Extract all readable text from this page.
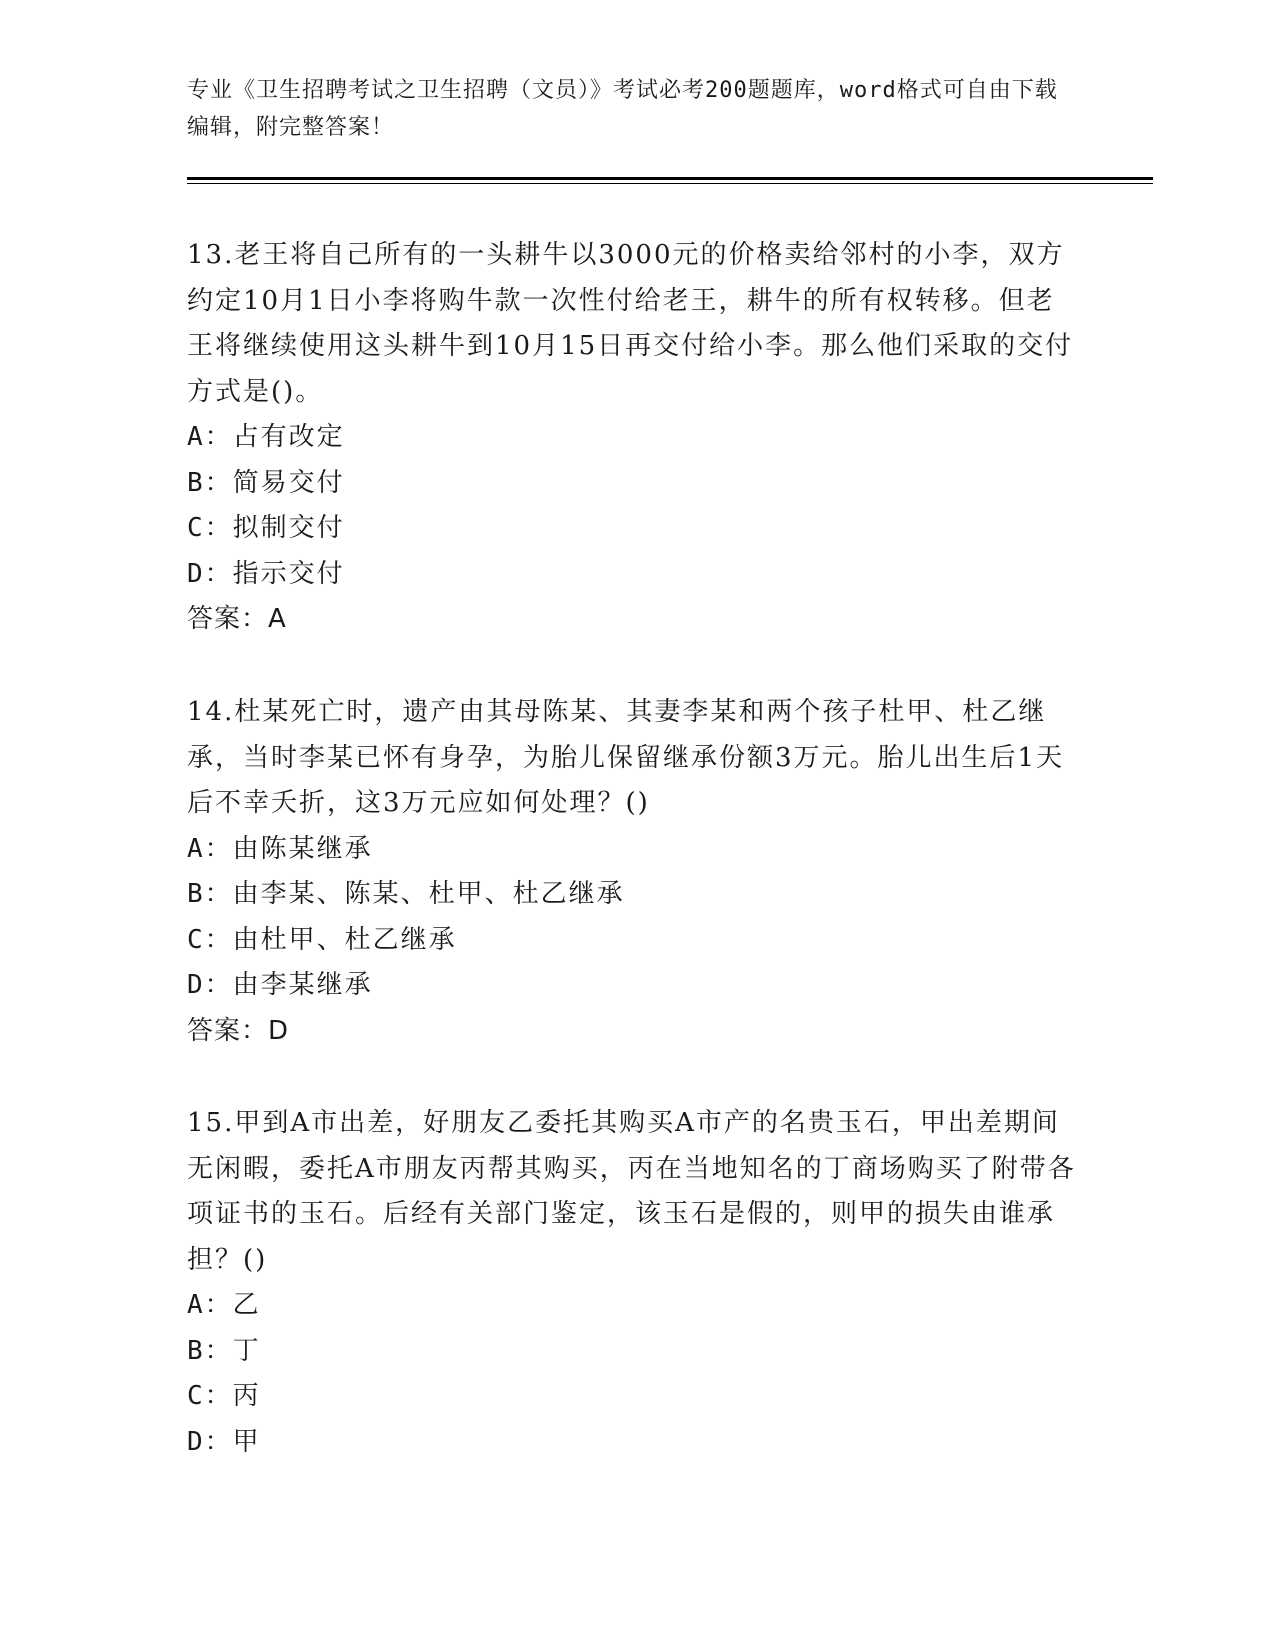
专业《卫生招聘考试之卫生招聘（文员）》考试必考200题题库，word格式可自由下载编辑，附完整答案！

13.老王将自己所有的一头耕牛以3000元的价格卖给邻村的小李，双方约定10月1日小李将购牛款一次性付给老王，耕牛的所有权转移。但老王将继续使用这头耕牛到10月15日再交付给小李。那么他们采取的交付方式是()。

A：占有改定
B：简易交付
C：拟制交付
D：指示交付
答案：A

14.杜某死亡时，遗产由其母陈某、其妻李某和两个孩子杜甲、杜乙继承，当时李某已怀有身孕，为胎儿保留继承份额3万元。胎儿出生后1天后不幸夭折，这3万元应如何处理？()

A：由陈某继承
B：由李某、陈某、杜甲、杜乙继承
C：由杜甲、杜乙继承
D：由李某继承
答案：D

15.甲到A市出差，好朋友乙委托其购买A市产的名贵玉石，甲出差期间无闲暇，委托A市朋友丙帮其购买，丙在当地知名的丁商场购买了附带各项证书的玉石。后经有关部门鉴定，该玉石是假的，则甲的损失由谁承担？()

A：乙
B：丁
C：丙
D：甲
